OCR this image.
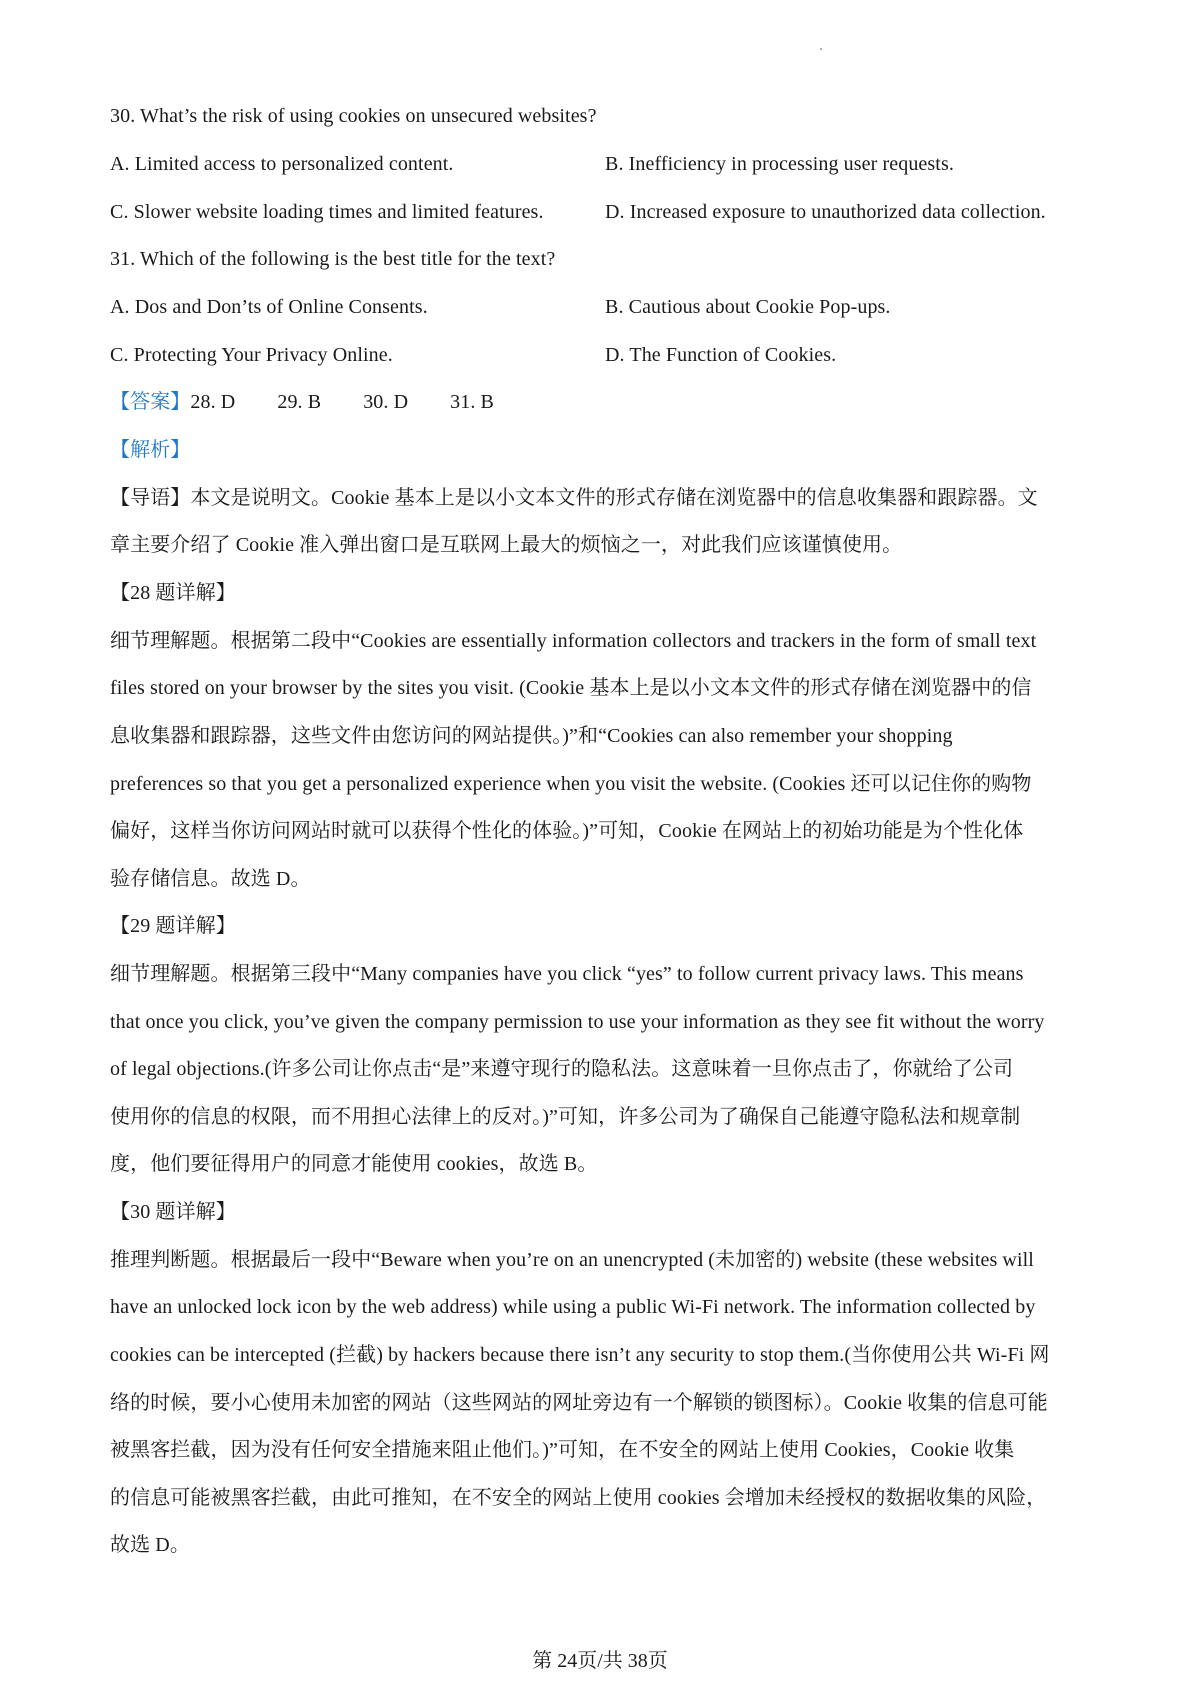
30. What’s the risk of using cookies on unsecured websites?
A. Limited access to personalized content.	B. Inefficiency in processing user requests.
C. Slower website loading times and limited features.	D. Increased exposure to unauthorized data collection.
31. Which of the following is the best title for the text?
A. Dos and Don’ts of Online Consents.	B. Cautious about Cookie Pop-ups.
C. Protecting Your Privacy Online.	D. The Function of Cookies.
【答案】28. D 29. B 30. D 31. B
【解析】
【导语】本文是说明文。Cookie 基本上是以小文本文件的形式存储在浏览器中的信息收集器和跟踪器。文
章主要介绍了 Cookie 准入弹出窗口是互联网上最大的烦恼之一，对此我们应该谨慎使用。
【28 题详解】
细节理解题。根据第二段中“Cookies are essentially information collectors and trackers in the form of small text
files stored on your browser by the sites you visit. (Cookie 基本上是以小文本文件的形式存储在浏览器中的信
息收集器和跟踪器，这些文件由您访问的网站提供。)”和“Cookies can also remember your shopping
preferences so that you get a personalized experience when you visit the website. (Cookies 还可以记住你的购物
偏好，这样当你访问网站时就可以获得个性化的体验。)”可知，Cookie 在网站上的初始功能是为个性化体
验存储信息。故选 D。
【29 题详解】
细节理解题。根据第三段中“Many companies have you click “yes” to follow current privacy laws. This means
that once you click, you’ve given the company permission to use your information as they see fit without the worry
of legal objections.(许多公司让你点击“是”来遵守现行的隐私法。这意味着一旦你点击了，你就给了公司
使用你的信息的权限，而不用担心法律上的反对。)”可知，许多公司为了确保自己能遵守隐私法和规章制
度，他们要征得用户的同意才能使用 cookies，故选 B。
【30 题详解】
推理判断题。根据最后一段中“Beware when you’re on an unencrypted (未加密的) website (these websites will
have an unlocked lock icon by the web address) while using a public Wi-Fi network. The information collected by
cookies can be intercepted (拦截) by hackers because there isn’t any security to stop them.(当你使用公共 Wi-Fi 网
络的时候，要小心使用未加密的网站（这些网站的网址旁边有一个解锁的锁图标）。Cookie 收集的信息可能
被黑客拦截，因为没有任何安全措施来阻止他们。)”可知，在不安全的网站上使用 Cookies，Cookie 收集
的信息可能被黑客拦截，由此可推知，在不安全的网站上使用 cookies 会增加未经授权的数据收集的风险，
故选 D。
第 24页/共 38页
